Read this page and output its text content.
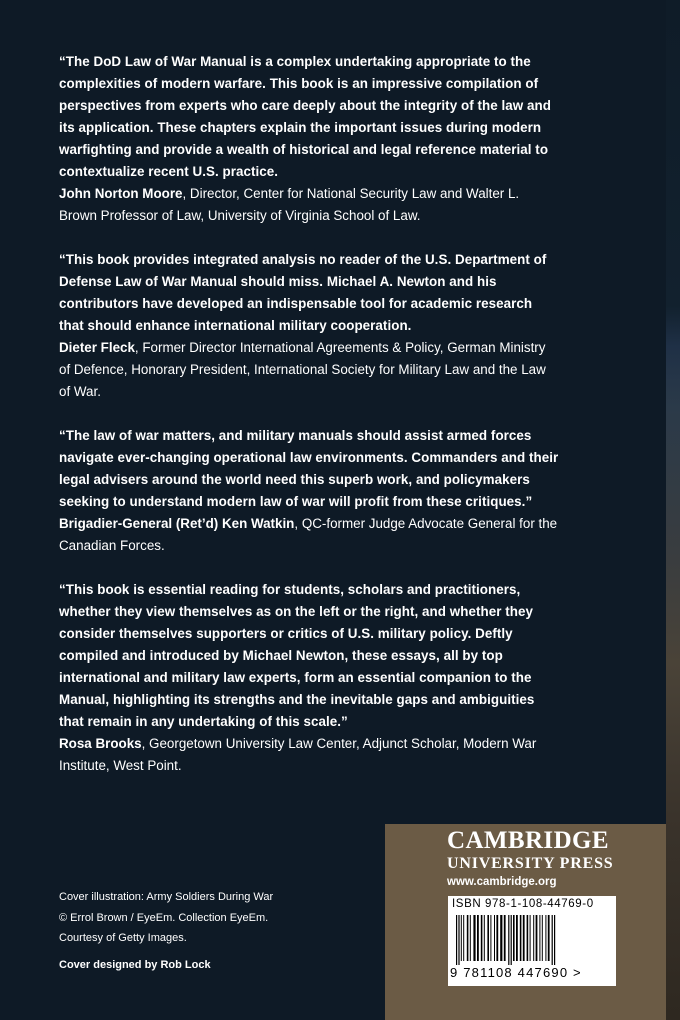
“The DoD Law of War Manual is a complex undertaking appropriate to the complexities of modern warfare. This book is an impressive compilation of perspectives from experts who care deeply about the integrity of the law and its application. These chapters explain the important issues during modern warfighting and provide a wealth of historical and legal reference material to contextualize recent U.S. practice.
John Norton Moore, Director, Center for National Security Law and Walter L. Brown Professor of Law, University of Virginia School of Law.
“This book provides integrated analysis no reader of the U.S. Department of Defense Law of War Manual should miss. Michael A. Newton and his contributors have developed an indispensable tool for academic research that should enhance international military cooperation.
Dieter Fleck, Former Director International Agreements & Policy, German Ministry of Defence, Honorary President, International Society for Military Law and the Law of War.
“The law of war matters, and military manuals should assist armed forces navigate ever-changing operational law environments. Commanders and their legal advisers around the world need this superb work, and policymakers seeking to understand modern law of war will profit from these critiques.”
Brigadier-General (Ret’d) Ken Watkin, QC-former Judge Advocate General for the Canadian Forces.
“This book is essential reading for students, scholars and practitioners, whether they view themselves as on the left or the right, and whether they consider themselves supporters or critics of U.S. military policy. Deftly compiled and introduced by Michael Newton, these essays, all by top international and military law experts, form an essential companion to the Manual, highlighting its strengths and the inevitable gaps and ambiguities that remain in any undertaking of this scale.”
Rosa Brooks, Georgetown University Law Center, Adjunct Scholar, Modern War Institute, West Point.
Cover illustration: Army Soldiers During War
© Errol Brown / EyeEm. Collection EyeEm.
Courtesy of Getty Images.
Cover designed by Rob Lock
CAMBRIDGE
UNIVERSITY PRESS
www.cambridge.org
ISBN 978-1-108-44769-0
9 781108 447690 >
